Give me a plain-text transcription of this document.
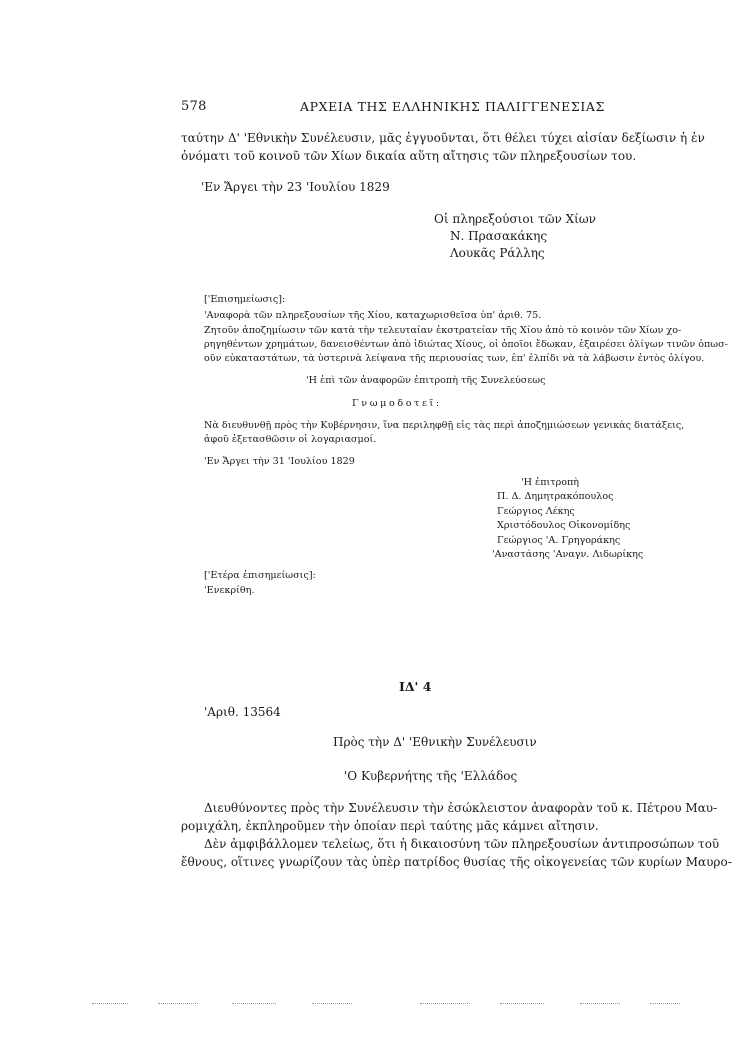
578	ΑΡΧΕΙΑ ΤΗΣ ΕΛΛΗΝΙΚΗΣ ΠΑΛΙΓΓΕΝΕΣΙΑΣ
ταύτην Δ' 'Εθνικὴν Συνέλευσιν, μᾶς ἐγγυοῦνται, ὅτι θέλει τύχει αἰσίαν δεξίωσιν ἡ ἐν
ὀνόματι τοῦ κοινοῦ τῶν Χίων δικαία αὕτη αἴτησις τῶν πληρεξουσίων του.
'Εν Ἄργει τὴν 23 'Ιουλίου 1829
Οἱ πληρεξούσιοι τῶν Χίων
Ν. Πρασακάκης
Λουκᾶς Ράλλης
['Επισημείωσις]:
'Αναφορὰ τῶν πληρεξουσίων τῆς Χίου, καταχωρισθεῖσα ὑπ' ἀριθ. 75.
Ζητοῦν ἀποζημίωσιν τῶν κατὰ τὴν τελευταίαν ἐκστρατείαν τῆς Χίου ἀπὸ τὸ κοινὸν τῶν Χίων χο-
ρηγηθέντων χρημάτων, δανεισθέντων ἀπὸ ἰδιώτας Χίους, οἱ ὁποῖοι ἔδωκαν, ἐξαιρέσει ὀλίγων τινῶν ὁπωσ-
οῦν εὐκαταστάτων, τὰ ὑστερινὰ λείψανα τῆς περιουσίας των, ἐπ' ἐλπίδι νὰ τὰ λάβωσιν ἐντὸς ὀλίγου.
'Η ἐπὶ τῶν ἀναφορῶν ἐπιτροπὴ τῆς Συνελεύσεως
Γνωμοδοτεῖ:
Νὰ διευθυνθῇ πρὸς τὴν Κυβέρνησιν, ἵνα περιληφθῇ εἰς τὰς περὶ ἀποζημιώσεων γενικὰς διατάξεις,
ἀφοῦ ἐξετασθῶσιν οἱ λογαριασμοί.
'Εν Ἄργει τὴν 31 'Ιουλίου 1829
'Η ἐπιτροπὴ
Π. Δ. Δημητρακόπουλος
Γεώργιος Λέκης
Χριστόδουλος Οἰκονομίδης
Γεώργιος 'Α. Γρηγοράκης
'Αναστάσης 'Αναγν. Λιδωρίκης
['Ετέρα ἐπισημείωσις]:
'Ενεκρίθη.
ΙΔ' 4
'Αριθ. 13564
Πρὸς τὴν Δ' 'Εθνικὴν Συνέλευσιν
'Ο Κυβερνήτης τῆς 'Ελλάδος
Διευθύνοντες πρὸς τὴν Συνέλευσιν τὴν ἐσώκλειστον ἀναφορὰν τοῦ κ. Πέτρου Μαυ-
ρομιχάλη, ἐκπληροῦμεν τὴν ὁποίαν περὶ ταύτης μᾶς κάμνει αἴτησιν.
Δὲν ἀμφιβάλλομεν τελείως, ὅτι ἡ δικαιοσύνη τῶν πληρεξουσίων ἀντιπροσώπων τοῦ
ἔθνους, οἵτινες γνωρίζουν τὰς ὑπὲρ πατρίδος θυσίας τῆς οἰκογενείας τῶν κυρίων Μαυρο-
